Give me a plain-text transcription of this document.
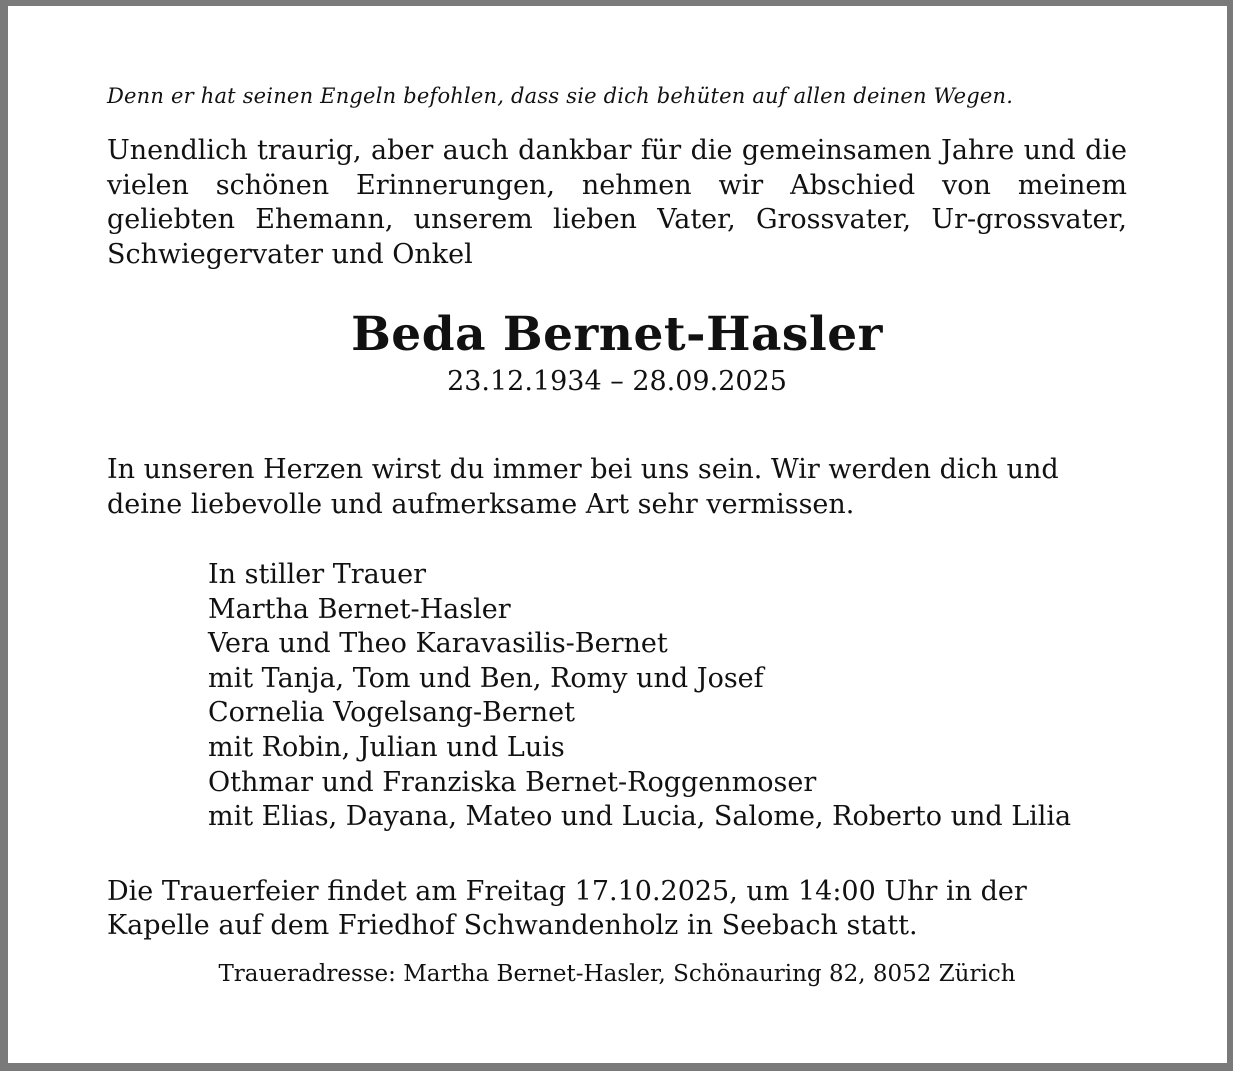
Denn er hat seinen Engeln befohlen, dass sie dich behüten auf allen deinen Wegen.

Unendlich traurig, aber auch dankbar für die gemeinsamen Jahre und die vielen schönen Erinnerungen, nehmen wir Abschied von meinem geliebten Ehemann, unserem lieben Vater, Grossvater, Ur-grossvater, Schwiegervater und Onkel

Beda Bernet-Hasler

23.12.1934 – 28.09.2025

In unseren Herzen wirst du immer bei uns sein. Wir werden dich und deine liebevolle und aufmerksame Art sehr vermissen.

In stiller Trauer
Martha Bernet-Hasler
Vera und Theo Karavasilis-Bernet
mit Tanja, Tom und Ben, Romy und Josef
Cornelia Vogelsang-Bernet
mit Robin, Julian und Luis
Othmar und Franziska Bernet-Roggenmoser
mit Elias, Dayana, Mateo und Lucia, Salome, Roberto und Lilia

Die Trauerfeier findet am Freitag 17.10.2025, um 14:00 Uhr in der Kapelle auf dem Friedhof Schwandenholz in Seebach statt.

Traueradresse: Martha Bernet-Hasler, Schönauring 82, 8052 Zürich
